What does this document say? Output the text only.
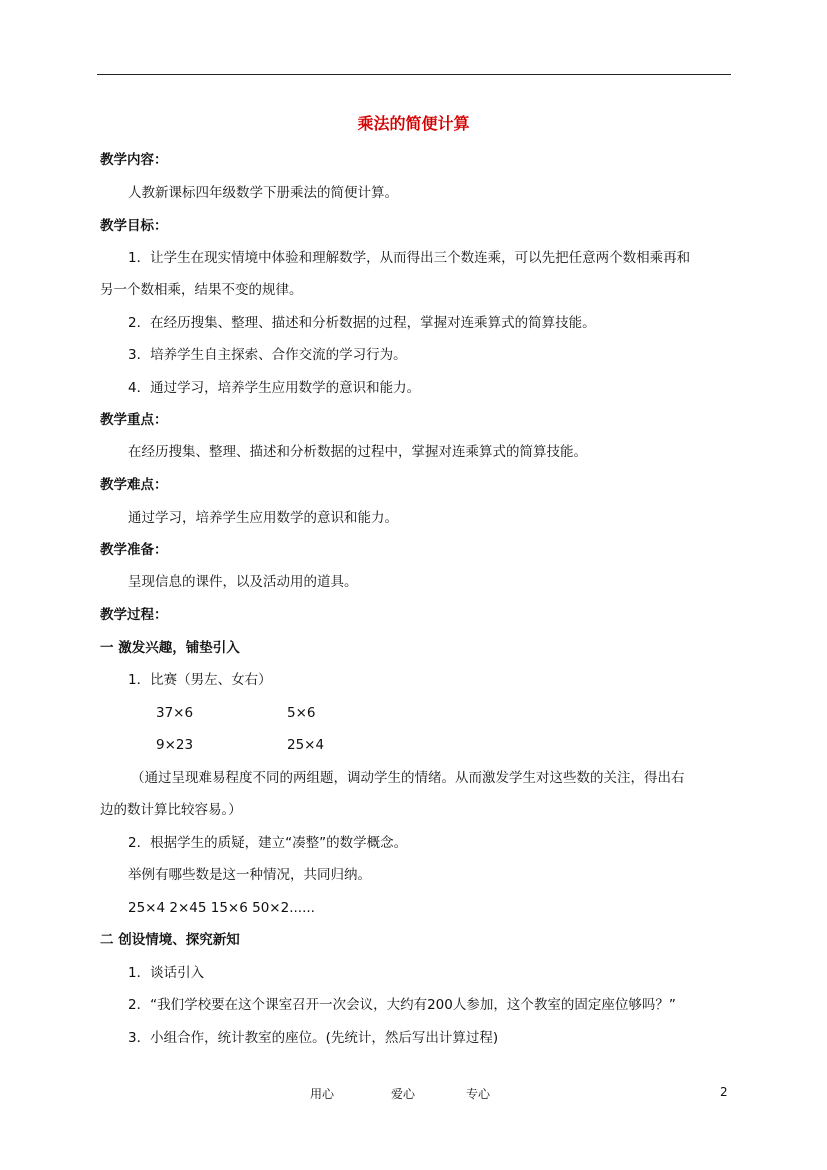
乘法的简便计算
教学内容：
人教新课标四年级数学下册乘法的简便计算。
教学目标：
1．让学生在现实情境中体验和理解数学，从而得出三个数连乘，可以先把任意两个数相乘再和
另一个数相乘，结果不变的规律。
2．在经历搜集、整理、描述和分析数据的过程，掌握对连乘算式的简算技能。
3．培养学生自主探索、合作交流的学习行为。
4．通过学习，培养学生应用数学的意识和能力。
教学重点：
在经历搜集、整理、描述和分析数据的过程中，掌握对连乘算式的简算技能。
教学难点：
通过学习，培养学生应用数学的意识和能力。
教学准备：
呈现信息的课件，以及活动用的道具。
教学过程：
一 激发兴趣，铺垫引入
1．比赛（男左、女右）
37×6	5×6
9×23	25×4
（通过呈现难易程度不同的两组题，调动学生的情绪。从而激发学生对这些数的关注，得出右
边的数计算比较容易。）
2．根据学生的质疑，建立“凑整”的数学概念。
举例有哪些数是这一种情况，共同归纳。
25×4 2×45 15×6 50×2......
二 创设情境、探究新知
1．谈话引入
2．“我们学校要在这个课室召开一次会议，大约有200人参加，这个教室的固定座位够吗？”
3．小组合作，统计教室的座位。(先统计，然后写出计算过程)
用心	爱心	专心	2
